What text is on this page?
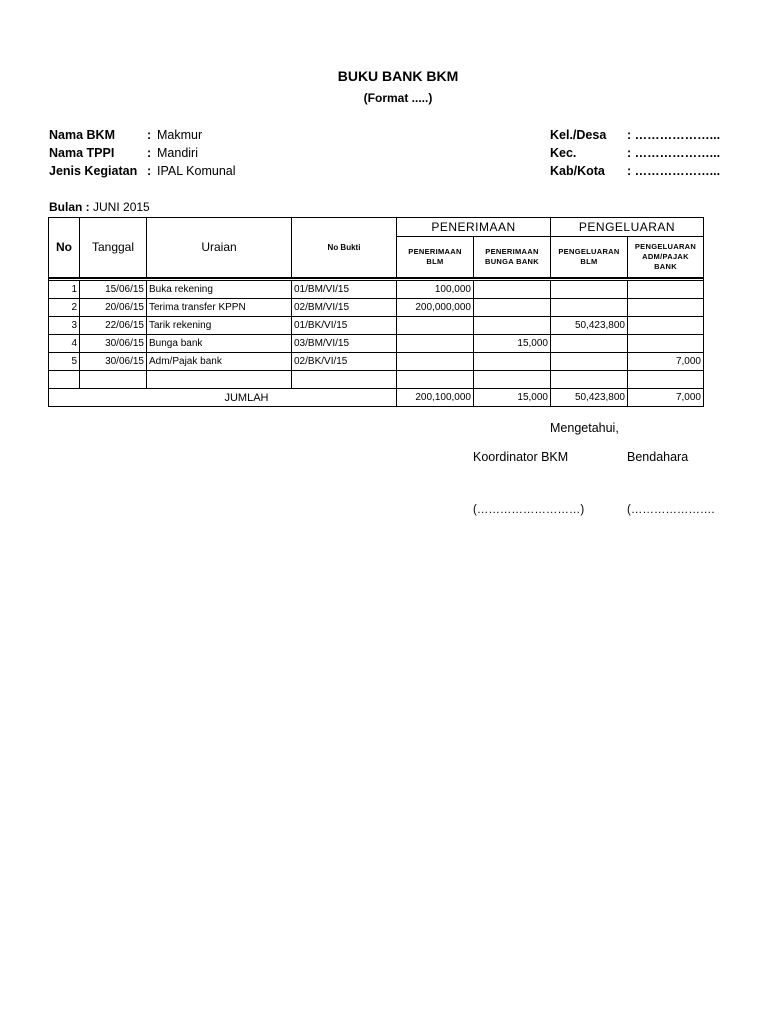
BUKU BANK BKM
(Format .....)
Nama BKM	: Makmur
Nama TPPI	: Mandiri
Jenis Kegiatan : IPAL Komunal
Kel./Desa : ………………...
Kec.	: ………………...
Kab/Kota : ………………...
Bulan : JUNI 2015
No	Tanggal	Uraian	No Bukti	PENERIMAAN		PENGELUARAN	
				PENERIMAAN BLM	PENERIMAAN BUNGA BANK	PENGELUARAN BLM	PENGELUARAN ADM/PAJAK BANK

1	15/06/15	Buka rekening	01/BM/VI/15	100,000			
2	20/06/15	Terima transfer KPPN	02/BM/VI/15	200,000,000			
3	22/06/15	Tarik rekening	01/BK/VI/15			50,423,800	
4	30/06/15	Bunga bank	03/BM/VI/15		15,000		
5	30/06/15	Adm/Pajak bank	02/BK/VI/15				7,000

JUMLAH				200,100,000	15,000	50,423,800	7,000
Mengetahui,
Koordinator BKM	Bendahara
(………………………)	(………………….
